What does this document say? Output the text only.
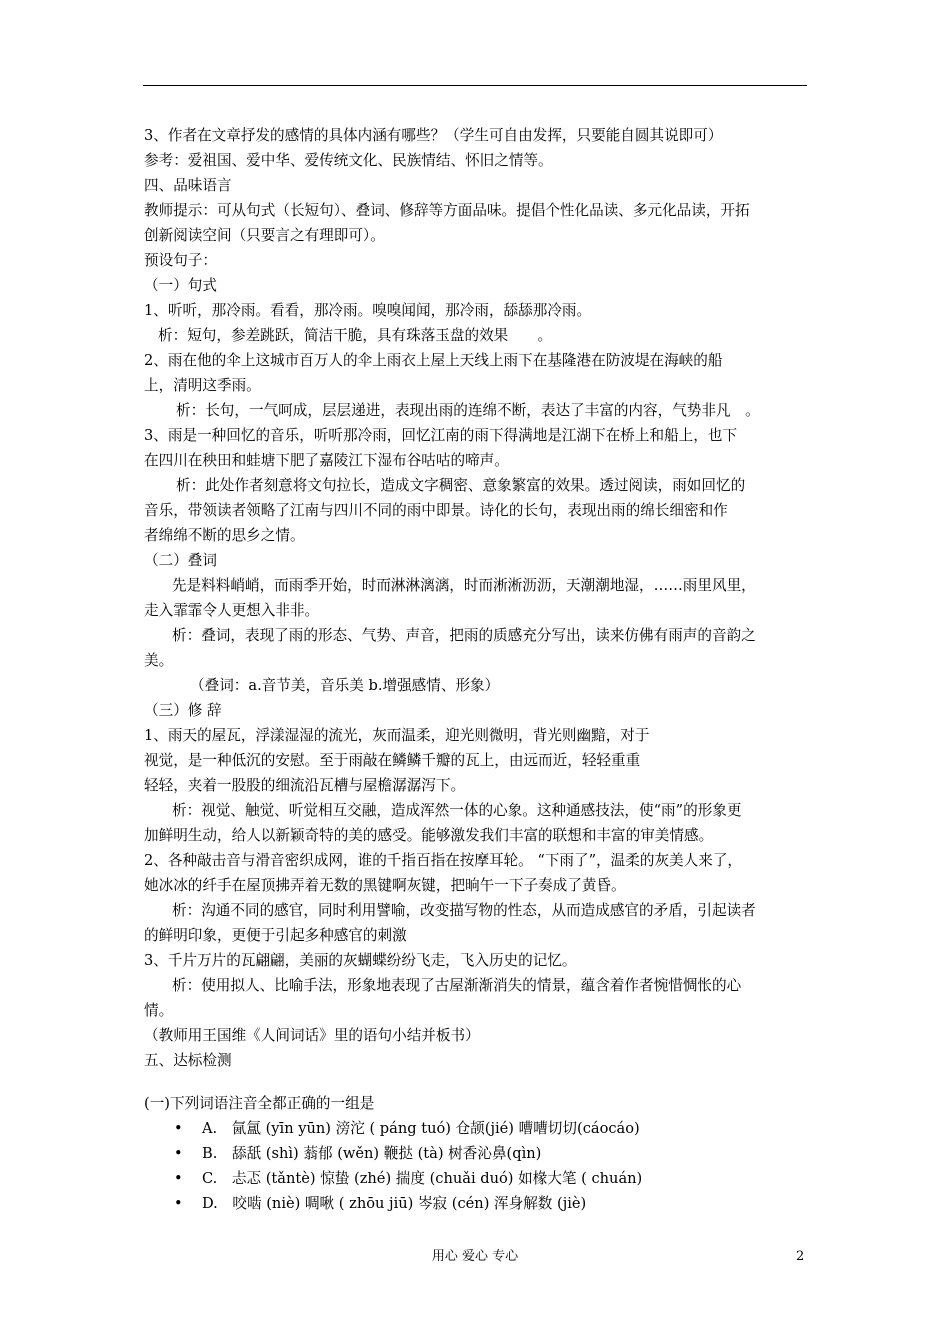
3、作者在文章抒发的感情的具体内涵有哪些？（学生可自由发挥，只要能自圆其说即可）
参考：爱祖国、爱中华、爱传统文化、民族情结、怀旧之情等。
四、品味语言
教师提示：可从句式（长短句）、叠词、修辞等方面品味。提倡个性化品读、多元化品读，开拓
创新阅读空间（只要言之有理即可）。
预设句子：
（一）句式
1、听听，那冷雨。看看，那冷雨。嗅嗅闻闻，那冷雨，舔舔那冷雨。
析：短句，参差跳跃，简洁干脆，具有珠落玉盘的效果　　。
2、雨在他的伞上这城市百万人的伞上雨衣上屋上天线上雨下在基隆港在防波堤在海峡的船
上，清明这季雨。
析：长句，一气呵成，层层递进，表现出雨的连绵不断，表达了丰富的内容，气势非凡　。
3、雨是一种回忆的音乐，听听那冷雨，回忆江南的雨下得满地是江湖下在桥上和船上，也下
在四川在秧田和蛙塘下肥了嘉陵江下湿布谷咕咕的啼声。
析：此处作者刻意将文句拉长，造成文字稠密、意象繁富的效果。透过阅读，雨如回忆的
音乐，带领读者领略了江南与四川不同的雨中即景。诗化的长句，表现出雨的绵长细密和作
者绵绵不断的思乡之情。
（二）叠词
先是料料峭峭，而雨季开始，时而淋淋漓漓，时而淅淅沥沥，天潮潮地湿，……雨里风里，
走入霏霏令人更想入非非。
析：叠词，表现了雨的形态、气势、声音，把雨的质感充分写出，读来仿佛有雨声的音韵之
美。
（叠词：a.音节美，音乐美 b.增强感情、形象）
（三）修 辞
1、雨天的屋瓦，浮漾湿湿的流光，灰而温柔，迎光则微明，背光则幽黯，对于
视觉，是一种低沉的安慰。至于雨敲在鳞鳞千瓣的瓦上，由远而近，轻轻重重
轻轻，夹着一股股的细流沿瓦槽与屋檐潺潺泻下。
析：视觉、触觉、听觉相互交融，造成浑然一体的心象。这种通感技法，使“雨”的形象更
加鲜明生动，给人以新颖奇特的美的感受。能够激发我们丰富的联想和丰富的审美情感。
2、各种敲击音与滑音密织成网，谁的千指百指在按摩耳轮。 “下雨了”，温柔的灰美人来了，
她冰冰的纤手在屋顶拂弄着无数的黑键啊灰键，把晌午一下子奏成了黄昏。
析：沟通不同的感官，同时利用譬喻，改变描写物的性态，从而造成感官的矛盾，引起读者
的鲜明印象，更便于引起多种感官的刺激
3、千片万片的瓦翩翩，美丽的灰蝴蝶纷纷飞走，飞入历史的记忆。
析：使用拟人、比喻手法，形象地表现了古屋渐渐消失的情景，蕴含着作者惋惜惆怅的心
情。
（教师用王国维《人间词话》里的语句小结并板书）
五、达标检测
(一)下列词语注音全都正确的一组是
• A.　氤氲 (yīn yūn) 滂沱 ( páng tuó) 仓颉(jié) 嘈嘈切切(cáocáo)
• B.　舔舐 (shì) 蓊郁 (wěn) 鞭挞 (tà) 树香沁鼻(qìn)
• C.　忐忑 (tǎntè) 惊蛰 (zhé) 揣度 (chuǎi duó) 如椽大笔 ( chuán)
• D.　咬啮 (niè) 啁啾 ( zhōu jiū) 岑寂 (cén) 浑身解数 (jiè)
用心 爱心 专心	2
